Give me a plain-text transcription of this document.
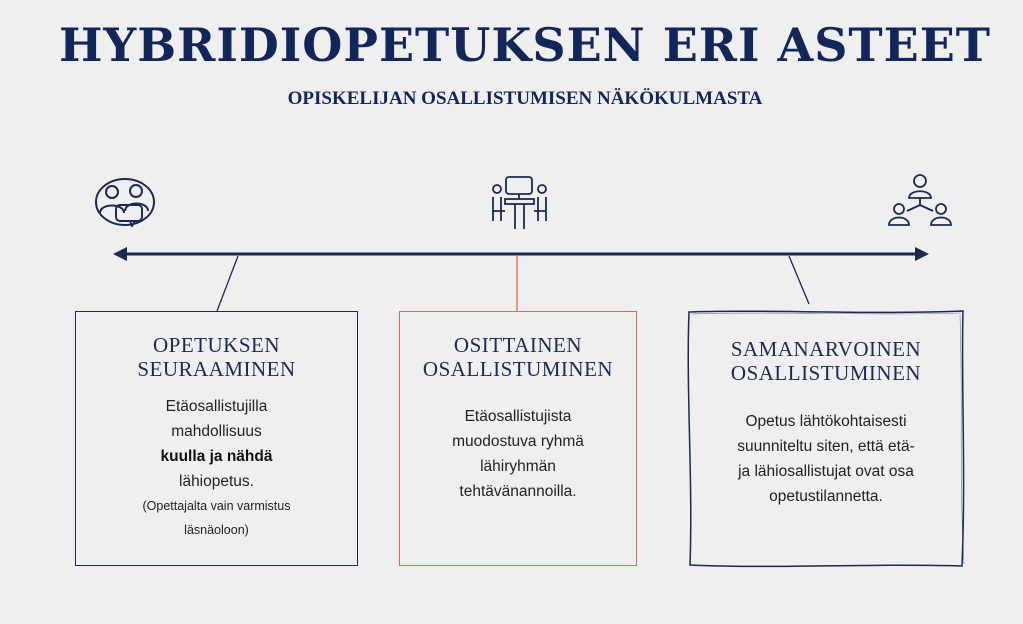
HYBRIDIOPETUKSEN ERI ASTEET
OPISKELIJAN OSALLISTUMISEN NÄKÖKULMASTA
OPETUKSEN
SEURAAMINEN
Etäosallistujilla
mahdollisuus
kuulla ja nähdä
lähiopetus.
(Opettajalta vain varmistus
läsnäoloon)
OSITTAINEN
OSALLISTUMINEN
Etäosallistujista
muodostuva ryhmä
lähiryhmän
tehtävänannoilla.
SAMANARVOINEN
OSALLISTUMINEN
Opetus lähtökohtaisesti
suunniteltu siten, että etä-
ja lähiosallistujat ovat osa
opetustilannetta.
